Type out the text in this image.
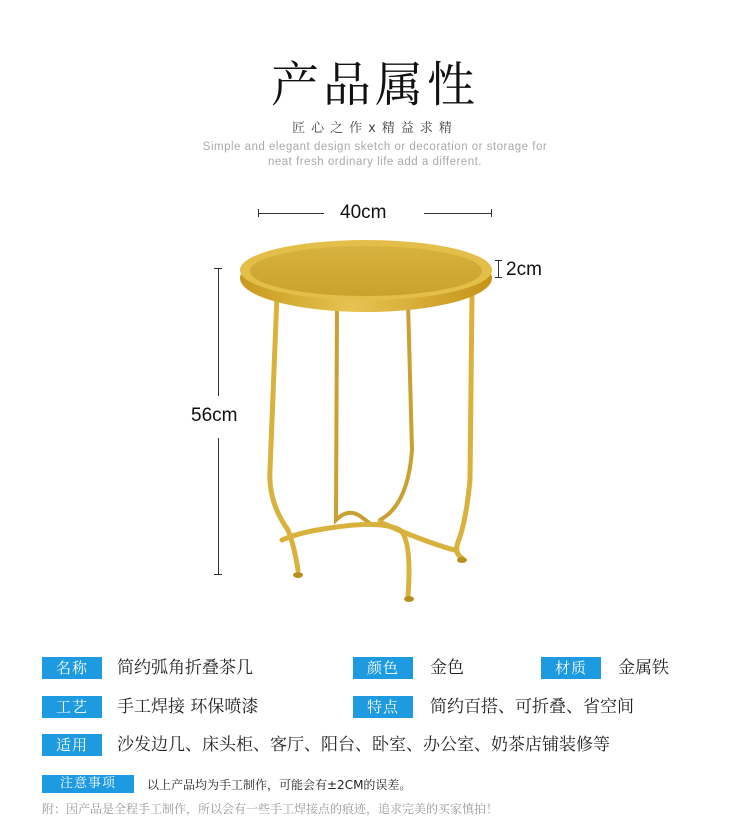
产品属性
匠心之作x精益求精
Simple and elegant design sketch or decoration or storage for
neat fresh ordinary life add a different.
40cm
2cm
56cm
名称	简约弧角折叠茶几	颜色	金色	材质	金属铁
工艺	手工焊接 环保喷漆	特点	简约百搭、可折叠、省空间
适用	沙发边几、床头柜、客厅、阳台、卧室、办公室、奶茶店铺装修等
注意事项	以上产品均为手工制作，可能会有±2CM的误差。
附：因产品是全程手工制作，所以会有一些手工焊接点的痕迹，追求完美的买家慎拍！
